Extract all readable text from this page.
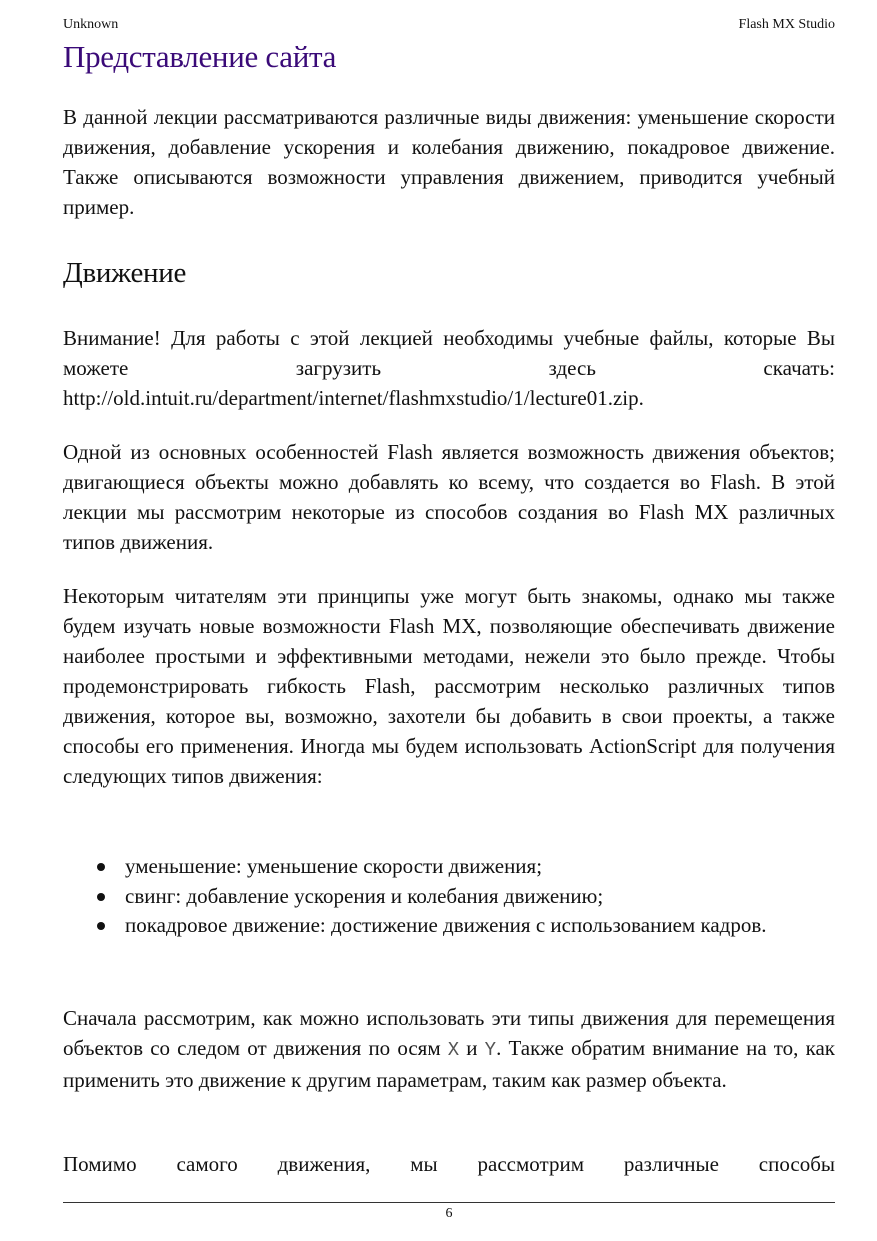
Unknown	Flash MX Studio
Представление сайта

В данной лекции рассматриваются различные виды движения: уменьшение скорости движения, добавление ускорения и колебания движению, покадровое движение. Также описываются возможности управления движением, приводится учебный пример.

Движение

Внимание! Для работы с этой лекцией необходимы учебные файлы, которые Вы можете загрузить здесь скачать: http://old.intuit.ru/department/internet/flashmxstudio/1/lecture01.zip.

Одной из основных особенностей Flash является возможность движения объектов; двигающиеся объекты можно добавлять ко всему, что создается во Flash. В этой лекции мы рассмотрим некоторые из способов создания во Flash MX различных типов движения.

Некоторым читателям эти принципы уже могут быть знакомы, однако мы также будем изучать новые возможности Flash MX, позволяющие обеспечивать движение наиболее простыми и эффективными методами, нежели это было прежде. Чтобы продемонстрировать гибкость Flash, рассмотрим несколько различных типов движения, которое вы, возможно, захотели бы добавить в свои проекты, а также способы его применения. Иногда мы будем использовать ActionScript для получения следующих типов движения:

уменьшение: уменьшение скорости движения;
свинг: добавление ускорения и колебания движению;
покадровое движение: достижение движения с использованием кадров.

Сначала рассмотрим, как можно использовать эти типы движения для перемещения объектов со следом от движения по осям X и Y. Также обратим внимание на то, как применить это движение к другим параметрам, таким как размер объекта.

Помимо самого движения, мы рассмотрим различные способы

6
